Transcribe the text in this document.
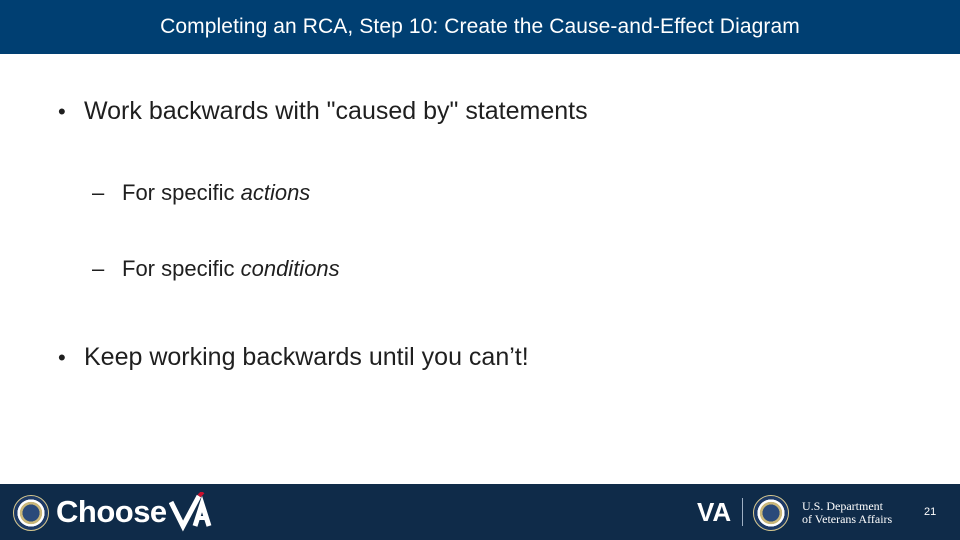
Completing an RCA, Step 10: Create the Cause-and-Effect Diagram
• Work backwards with "caused by" statements
– For specific actions
– For specific conditions
• Keep working backwards until you can’t!
Choose	VA	U.S. Department
of Veterans Affairs	21
